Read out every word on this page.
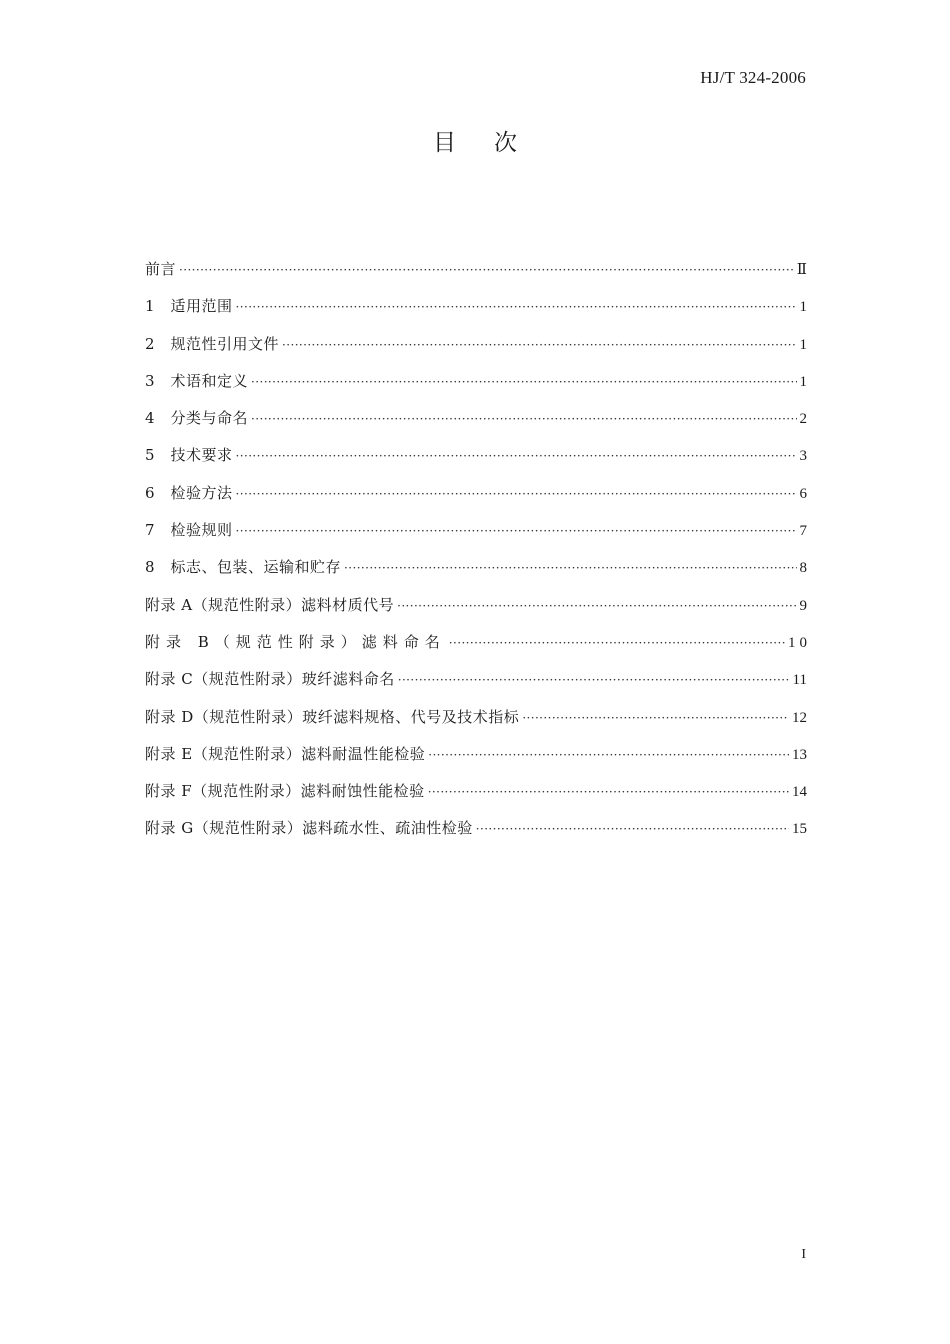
HJ/T 324-2006
目次
前言 ·····	Ⅱ
1　适用范围 ·····	1
2　规范性引用文件 ·····	1
3　术语和定义 ·····	1
4　分类与命名 ·····	2
5　技术要求 ·····	3
6　检验方法 ·····	6
7　检验规则 ·····	7
8　标志、包装、运输和贮存 ·····	8
附录 A（规范性附录）滤料材质代号 ·····	9
附录 B（规范性附录）滤料命名 ·····	10
附录 C（规范性附录）玻纤滤料命名 ·····	11
附录 D（规范性附录）玻纤滤料规格、代号及技术指标 ·····	12
附录 E（规范性附录）滤料耐温性能检验 ·····	13
附录 F（规范性附录）滤料耐蚀性能检验 ·····	14
附录 G（规范性附录）滤料疏水性、疏油性检验 ·····	15
I
